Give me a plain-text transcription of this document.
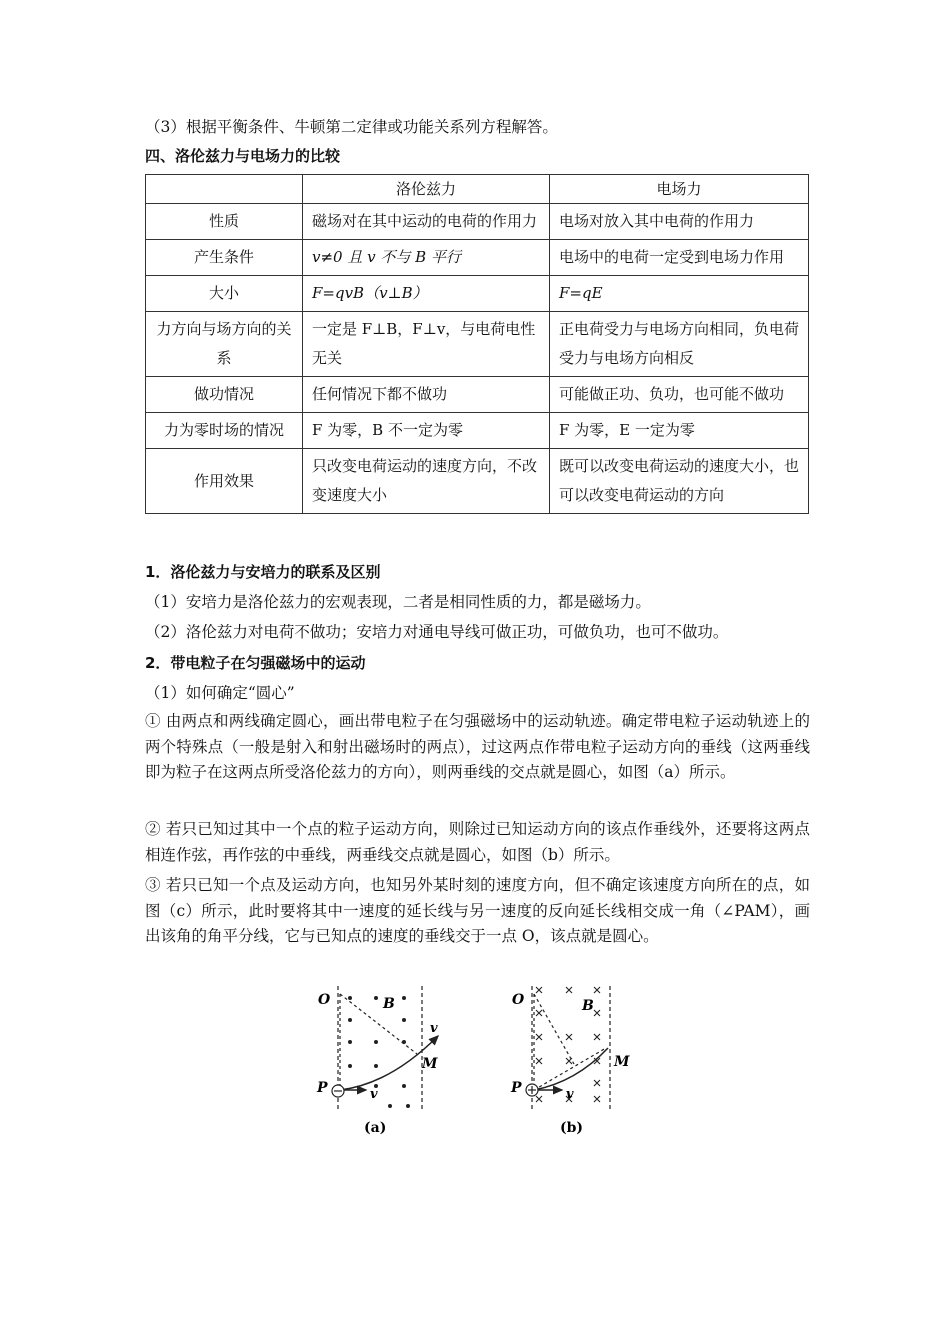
（3）根据平衡条件、牛顿第二定律或功能关系列方程解答。
四、洛伦兹力与电场力的比较
	洛伦兹力	电场力
性质	磁场对在其中运动的电荷的作用力	电场对放入其中电荷的作用力
产生条件	v≠0 且 v 不与 B 平行	电场中的电荷一定受到电场力作用
大小	F=qvB（v⊥B）	F=qE
力方向与场方向的关系	一定是 F⊥B，F⊥v，与电荷电性无关	正电荷受力与电场方向相同，负电荷受力与电场方向相反
做功情况	任何情况下都不做功	可能做正功、负功，也可能不做功
力为零时场的情况	F 为零，B 不一定为零	F 为零，E 一定为零
作用效果	只改变电荷运动的速度方向，不改变速度大小	既可以改变电荷运动的速度大小，也可以改变电荷运动的方向
1．洛伦兹力与安培力的联系及区别
（1）安培力是洛伦兹力的宏观表现，二者是相同性质的力，都是磁场力。
（2）洛伦兹力对电荷不做功；安培力对通电导线可做正功，可做负功，也可不做功。
2．带电粒子在匀强磁场中的运动
（1）如何确定“圆心”
① 由两点和两线确定圆心，画出带电粒子在匀强磁场中的运动轨迹。确定带电粒子运动轨迹上的两个特殊点（一般是射入和射出磁场时的两点），过这两点作带电粒子运动方向的垂线（这两垂线即为粒子在这两点所受洛伦兹力的方向），则两垂线的交点就是圆心，如图（a）所示。
② 若只已知过其中一个点的粒子运动方向，则除过已知运动方向的该点作垂线外，还要将这两点相连作弦，再作弦的中垂线，两垂线交点就是圆心，如图（b）所示。
③ 若只已知一个点及运动方向，也知另外某时刻的速度方向，但不确定该速度方向所在的点，如图（c）所示，此时要将其中一速度的延长线与另一速度的反向延长线相交成一角（∠PAM），画出该角的角平分线，它与已知点的速度的垂线交于一点 O，该点就是圆心。
O	B
v
M
P	v
(a)
O	B
M
P	v
(b)
